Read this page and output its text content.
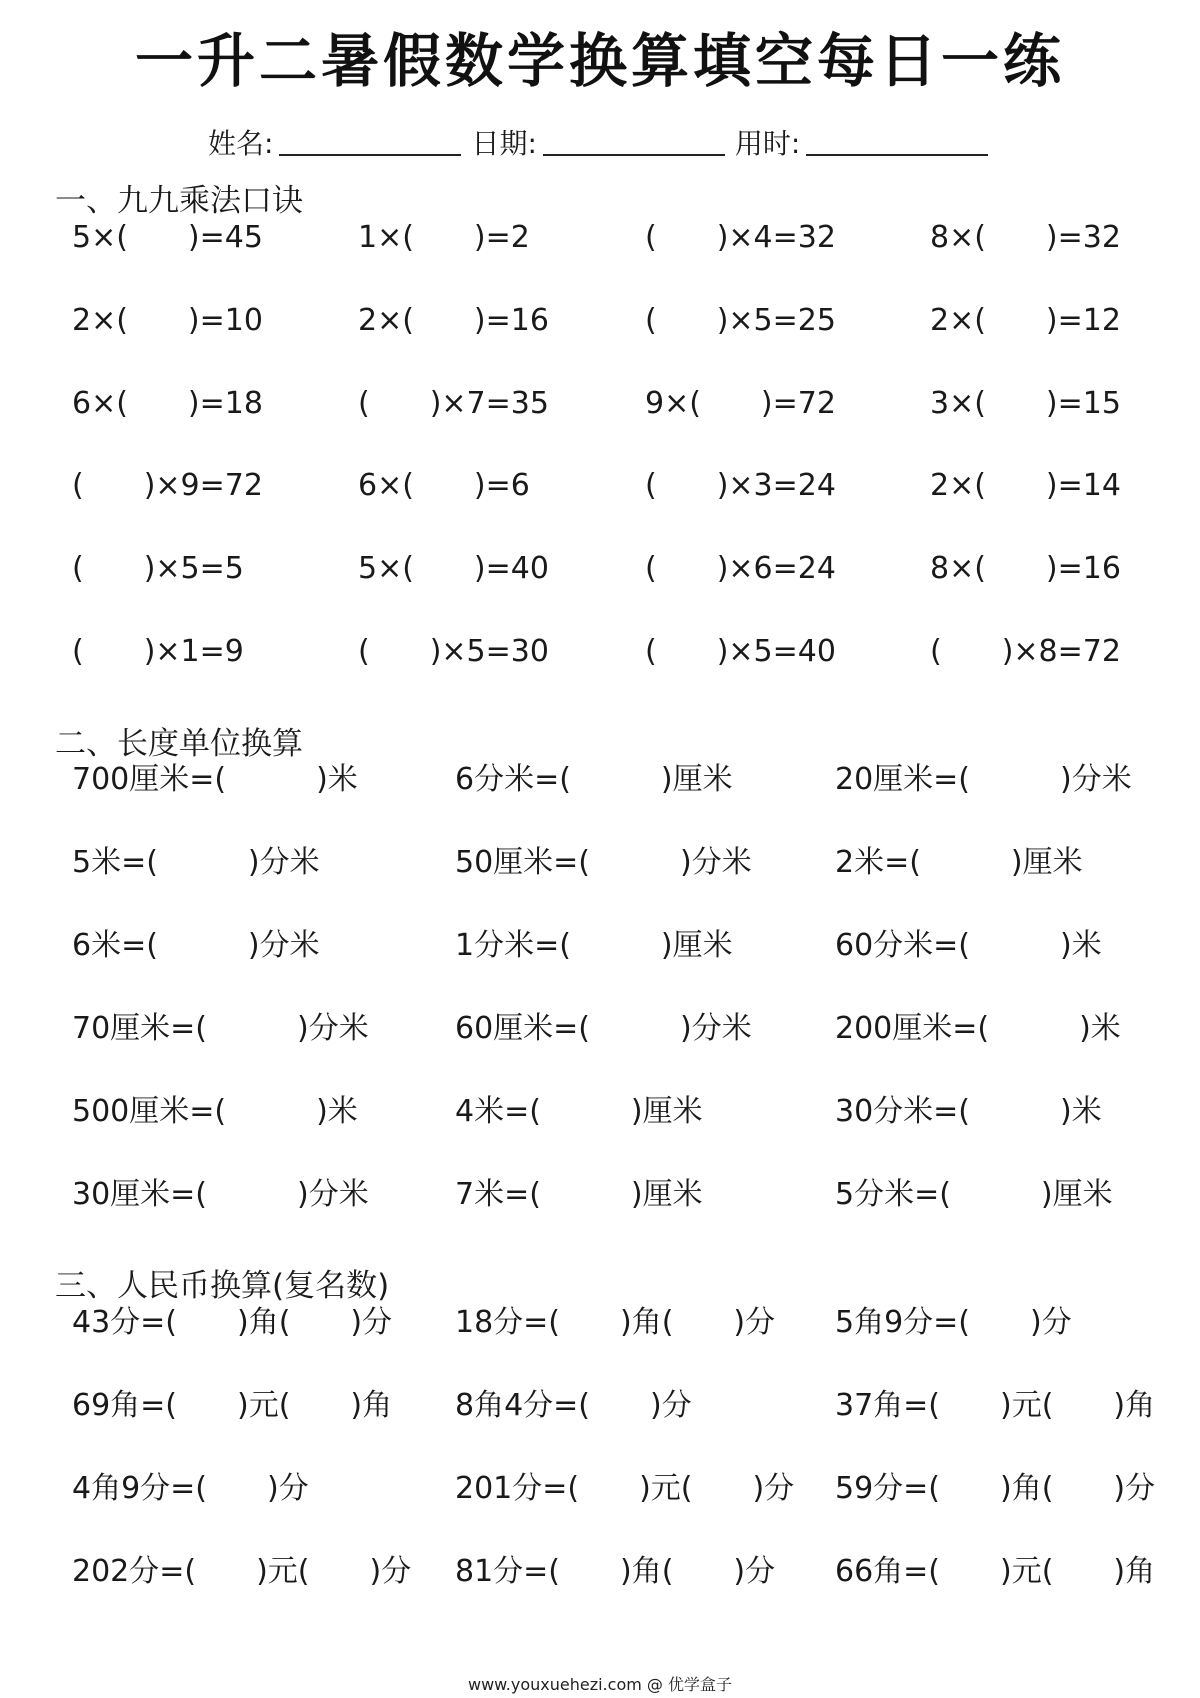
一升二暑假数学换算填空每日一练
姓名:	日期:	用时:
一、九九乘法口诀
二、长度单位换算
三、人民币换算(复名数)
5×(　　)=45	1×(　　)=2	(　　)×4=32	8×(　　)=32
2×(　　)=10	2×(　　)=16	(　　)×5=25	2×(　　)=12
6×(　　)=18	(　　)×7=35	9×(　　)=72	3×(　　)=15
(　　)×9=72	6×(　　)=6	(　　)×3=24	2×(　　)=14
(　　)×5=5	5×(　　)=40	(　　)×6=24	8×(　　)=16
(　　)×1=9	(　　)×5=30	(　　)×5=40	(　　)×8=72
700厘米=(　　　)米	6分米=(　　　)厘米	20厘米=(　　　)分米
5米=(　　　)分米	50厘米=(　　　)分米	2米=(　　　)厘米
6米=(　　　)分米	1分米=(　　　)厘米	60分米=(　　　)米
70厘米=(　　　)分米	60厘米=(　　　)分米	200厘米=(　　　)米
500厘米=(　　　)米	4米=(　　　)厘米	30分米=(　　　)米
30厘米=(　　　)分米	7米=(　　　)厘米	5分米=(　　　)厘米
43分=(　　)角(　　)分 18分=(　　)角(　　)分 5角9分=(　　)分
69角=(　　)元(　　)角 8角4分=(　　)分	37角=(　　)元(　　)角
4角9分=(　　)分	201分=(　　)元(　　)分 59分=(　　)角(　　)分
202分=(　　)元(　　)分 81分=(　　)角(　　)分 66角=(　　)元(　　)角
www.youxuehezi.com @ 优学盒子
